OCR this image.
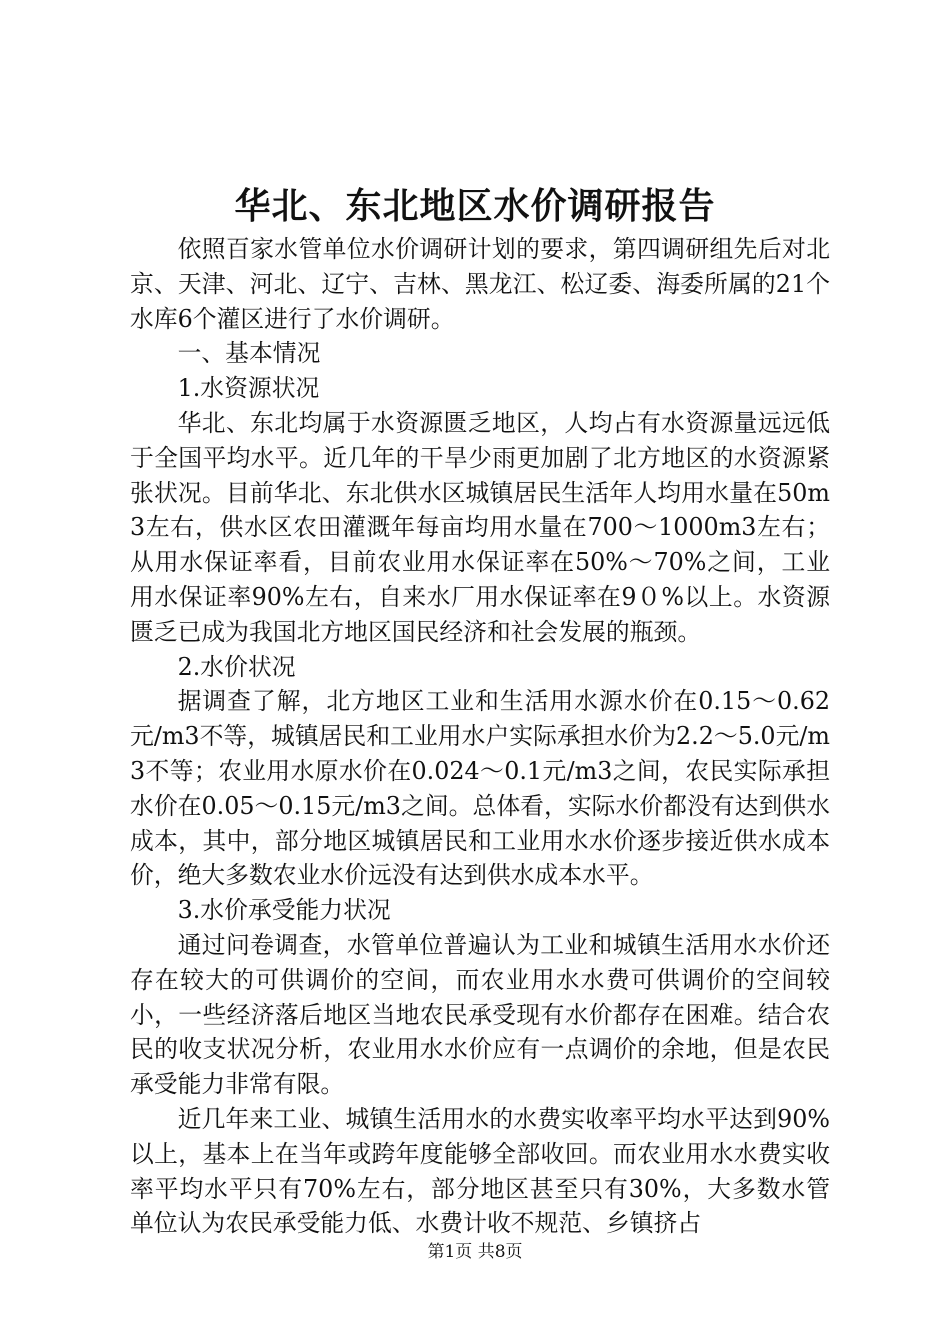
华北、东北地区水价调研报告

依照百家水管单位水价调研计划的要求，第四调研组先后对北京、天津、河北、辽宁、吉林、黑龙江、松辽委、海委所属的21个水库6个灌区进行了水价调研。

一、基本情况

1.水资源状况

华北、东北均属于水资源匮乏地区，人均占有水资源量远远低于全国平均水平。近几年的干旱少雨更加剧了北方地区的水资源紧张状况。目前华北、东北供水区城镇居民生活年人均用水量在50m3左右，供水区农田灌溉年每亩均用水量在700～1000m3左右；从用水保证率看，目前农业用水保证率在50%～70%之间，工业用水保证率90%左右，自来水厂用水保证率在9０%以上。水资源匮乏已成为我国北方地区国民经济和社会发展的瓶颈。

2.水价状况

据调查了解，北方地区工业和生活用水源水价在0.15～0.62元/m3不等，城镇居民和工业用水户实际承担水价为2.2～5.0元/m3不等；农业用水原水价在0.024～0.1元/m3之间，农民实际承担水价在0.05～0.15元/m3之间。总体看，实际水价都没有达到供水成本，其中，部分地区城镇居民和工业用水水价逐步接近供水成本价，绝大多数农业水价远没有达到供水成本水平。

3.水价承受能力状况

通过问卷调查，水管单位普遍认为工业和城镇生活用水水价还存在较大的可供调价的空间，而农业用水水费可供调价的空间较小，一些经济落后地区当地农民承受现有水价都存在困难。结合农民的收支状况分析，农业用水水价应有一点调价的余地，但是农民承受能力非常有限。

近几年来工业、城镇生活用水的水费实收率平均水平达到90%以上，基本上在当年或跨年度能够全部收回。而农业用水水费实收率平均水平只有70%左右，部分地区甚至只有30%，大多数水管单位认为农民承受能力低、水费计收不规范、乡镇挤占

第1页 共8页
